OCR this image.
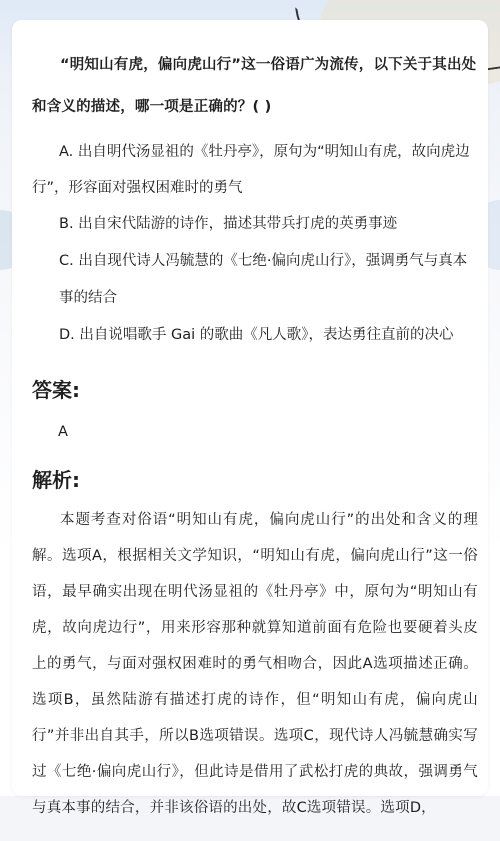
“明知山有虎，偏向虎山行”这一俗语广为流传，以下关于其出处和含义的描述，哪一项是正确的？( )

A. 出自明代汤显祖的《牡丹亭》，原句为“明知山有虎，故向虎边行”，形容面对强权困难时的勇气

B. 出自宋代陆游的诗作，描述其带兵打虎的英勇事迹

C. 出自现代诗人冯毓慧的《七绝·偏向虎山行》，强调勇气与真本事的结合

D. 出自说唱歌手 Gai 的歌曲《凡人歌》，表达勇往直前的决心

答案:
A
解析:

本题考查对俗语“明知山有虎，偏向虎山行”的出处和含义的理解。选项A，根据相关文学知识，“明知山有虎，偏向虎山行”这一俗语，最早确实出现在明代汤显祖的《牡丹亭》中，原句为“明知山有虎，故向虎边行”，用来形容那种就算知道前面有危险也要硬着头皮上的勇气，与面对强权困难时的勇气相吻合，因此A选项描述正确。选项B，虽然陆游有描述打虎的诗作，但“明知山有虎，偏向虎山行”并非出自其手，所以B选项错误。选项C，现代诗人冯毓慧确实写过《七绝·偏向虎山行》，但此诗是借用了武松打虎的典故，强调勇气与真本事的结合，并非该俗语的出处，故C选项错误。选项D，
